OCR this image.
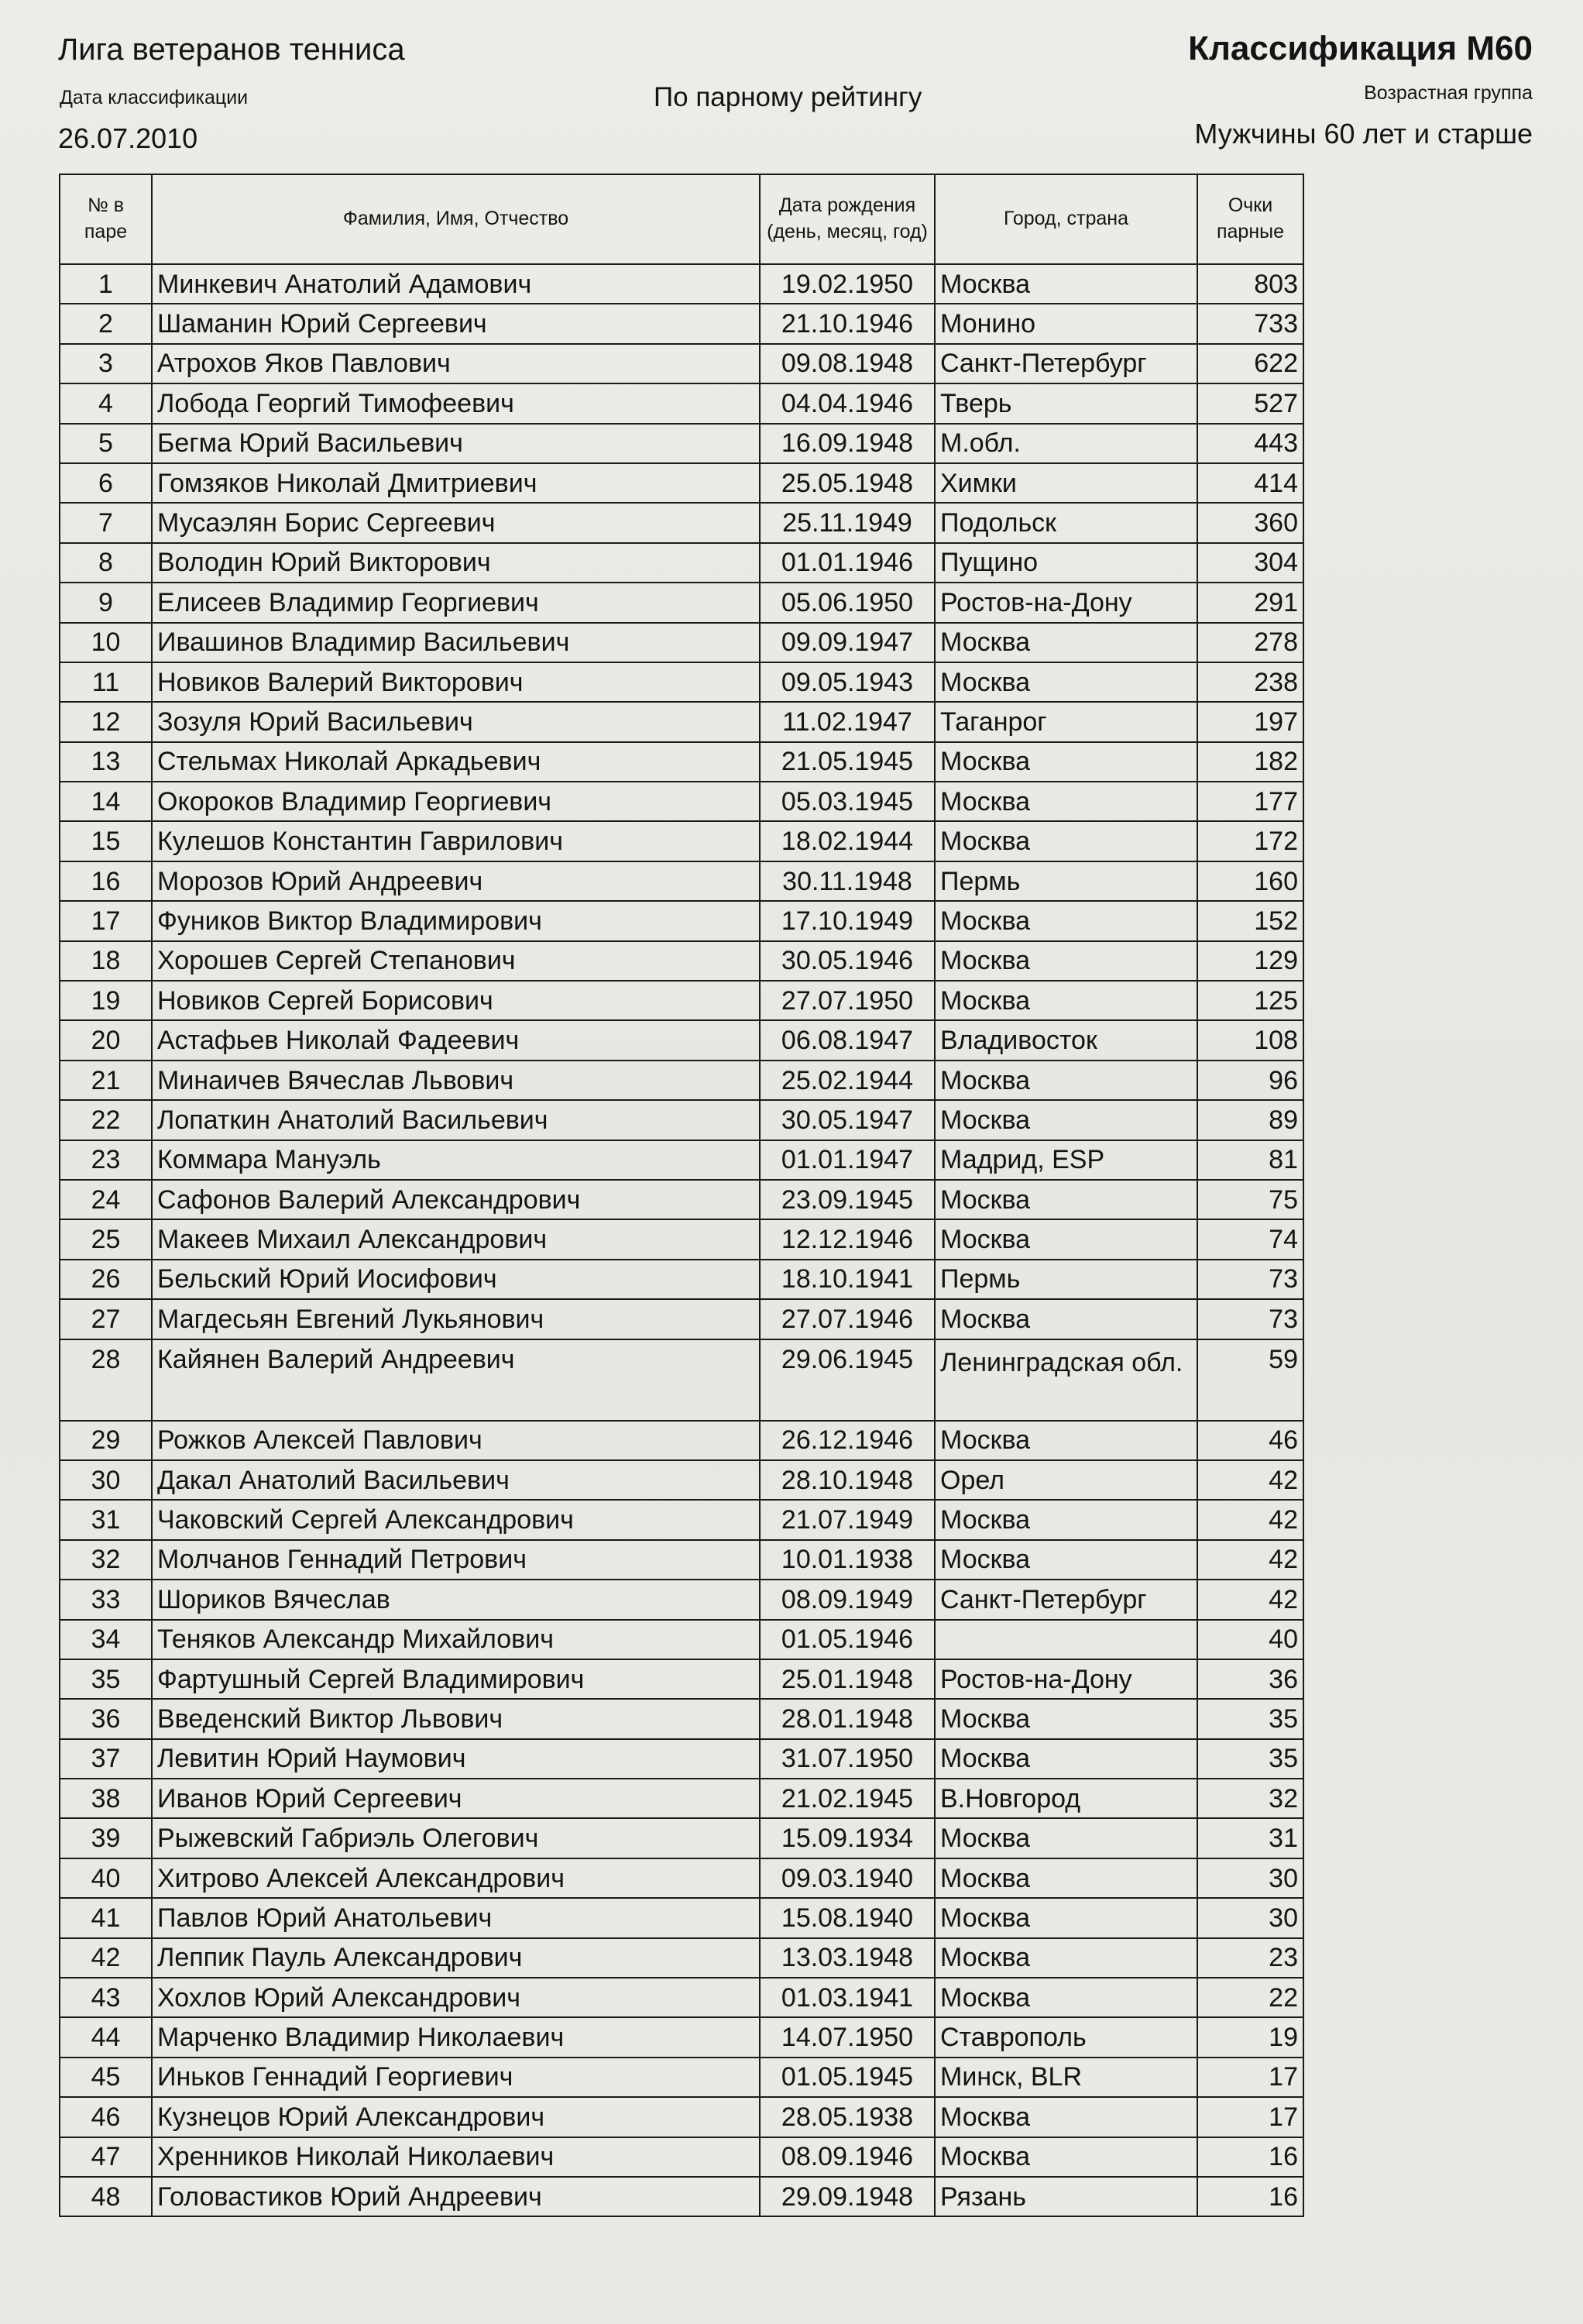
Лига ветеранов тенниса	Классификация М60
Дата классификации	По парному рейтингу	Возрастная группа
26.07.2010	Мужчины 60 лет и старше
№ в паре	Фамилия, Имя, Отчество	Дата рождения (день, месяц, год)	Город, страна	Очки парные
1	Минкевич Анатолий Адамович	19.02.1950	Москва	803
2	Шаманин Юрий Сергеевич	21.10.1946	Монино	733
3	Атрохов Яков Павлович	09.08.1948	Санкт-Петербург	622
4	Лобода Георгий Тимофеевич	04.04.1946	Тверь	527
5	Бегма Юрий Васильевич	16.09.1948	М.обл.	443
6	Гомзяков Николай Дмитриевич	25.05.1948	Химки	414
7	Мусаэлян Борис Сергеевич	25.11.1949	Подольск	360
8	Володин Юрий Викторович	01.01.1946	Пущино	304
9	Елисеев Владимир Георгиевич	05.06.1950	Ростов-на-Дону	291
10	Ивашинов Владимир Васильевич	09.09.1947	Москва	278
11	Новиков Валерий Викторович	09.05.1943	Москва	238
12	Зозуля Юрий Васильевич	11.02.1947	Таганрог	197
13	Стельмах Николай Аркадьевич	21.05.1945	Москва	182
14	Окороков Владимир Георгиевич	05.03.1945	Москва	177
15	Кулешов Константин Гаврилович	18.02.1944	Москва	172
16	Морозов Юрий Андреевич	30.11.1948	Пермь	160
17	Фуников Виктор Владимирович	17.10.1949	Москва	152
18	Хорошев Сергей Степанович	30.05.1946	Москва	129
19	Новиков Сергей Борисович	27.07.1950	Москва	125
20	Астафьев Николай Фадеевич	06.08.1947	Владивосток	108
21	Минаичев Вячеслав Львович	25.02.1944	Москва	96
22	Лопаткин Анатолий Васильевич	30.05.1947	Москва	89
23	Коммара Мануэль	01.01.1947	Мадрид, ESP	81
24	Сафонов Валерий Александрович	23.09.1945	Москва	75
25	Макеев Михаил Александрович	12.12.1946	Москва	74
26	Бельский Юрий Иосифович	18.10.1941	Пермь	73
27	Магдесьян Евгений Лукьянович	27.07.1946	Москва	73
28	Кайянен Валерий Андреевич	29.06.1945	Ленинградская обл.	59
29	Рожков Алексей Павлович	26.12.1946	Москва	46
30	Дакал Анатолий Васильевич	28.10.1948	Орел	42
31	Чаковский Сергей Александрович	21.07.1949	Москва	42
32	Молчанов Геннадий Петрович	10.01.1938	Москва	42
33	Шориков Вячеслав	08.09.1949	Санкт-Петербург	42
34	Теняков Александр Михайлович	01.05.1946		40
35	Фартушный Сергей Владимирович	25.01.1948	Ростов-на-Дону	36
36	Введенский Виктор Львович	28.01.1948	Москва	35
37	Левитин Юрий Наумович	31.07.1950	Москва	35
38	Иванов Юрий Сергеевич	21.02.1945	В.Новгород	32
39	Рыжевский Габриэль Олегович	15.09.1934	Москва	31
40	Хитрово Алексей Александрович	09.03.1940	Москва	30
41	Павлов Юрий Анатольевич	15.08.1940	Москва	30
42	Леппик Пауль Александрович	13.03.1948	Москва	23
43	Хохлов Юрий Александрович	01.03.1941	Москва	22
44	Марченко Владимир Николаевич	14.07.1950	Ставрополь	19
45	Иньков Геннадий Георгиевич	01.05.1945	Минск, BLR	17
46	Кузнецов Юрий Александрович	28.05.1938	Москва	17
47	Хренников Николай Николаевич	08.09.1946	Москва	16
48	Головастиков Юрий Андреевич	29.09.1948	Рязань	16
